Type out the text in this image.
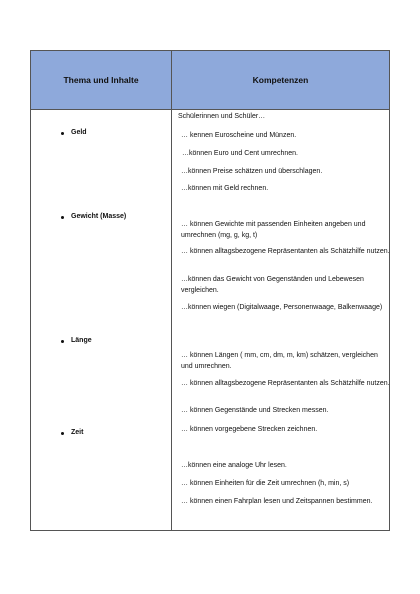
Thema und Inhalte	Kompetenzen
Geld
Gewicht (Masse)
Länge
Zeit
Schülerinnen und Schüler…
… kennen Euroscheine und Münzen.
…können Euro und Cent umrechnen.
…können Preise schätzen und überschlagen.
…können mit Geld rechnen.
… können Gewichte mit passenden Einheiten angeben und umrechnen (mg, g, kg, t)
… können alltagsbezogene Repräsentanten als Schätzhilfe nutzen.
…können das Gewicht von Gegenständen und Lebewesen vergleichen.
…können wiegen (Digitalwaage, Personenwaage, Balkenwaage)
… können Längen ( mm, cm, dm, m, km) schätzen, vergleichen und umrechnen.
… können alltagsbezogene Repräsentanten als Schätzhilfe nutzen.
… können Gegenstände und Strecken messen.
… können vorgegebene Strecken zeichnen.
…können eine analoge Uhr lesen.
… können Einheiten für die Zeit umrechnen (h, min, s)
… können einen Fahrplan lesen und Zeitspannen bestimmen.
